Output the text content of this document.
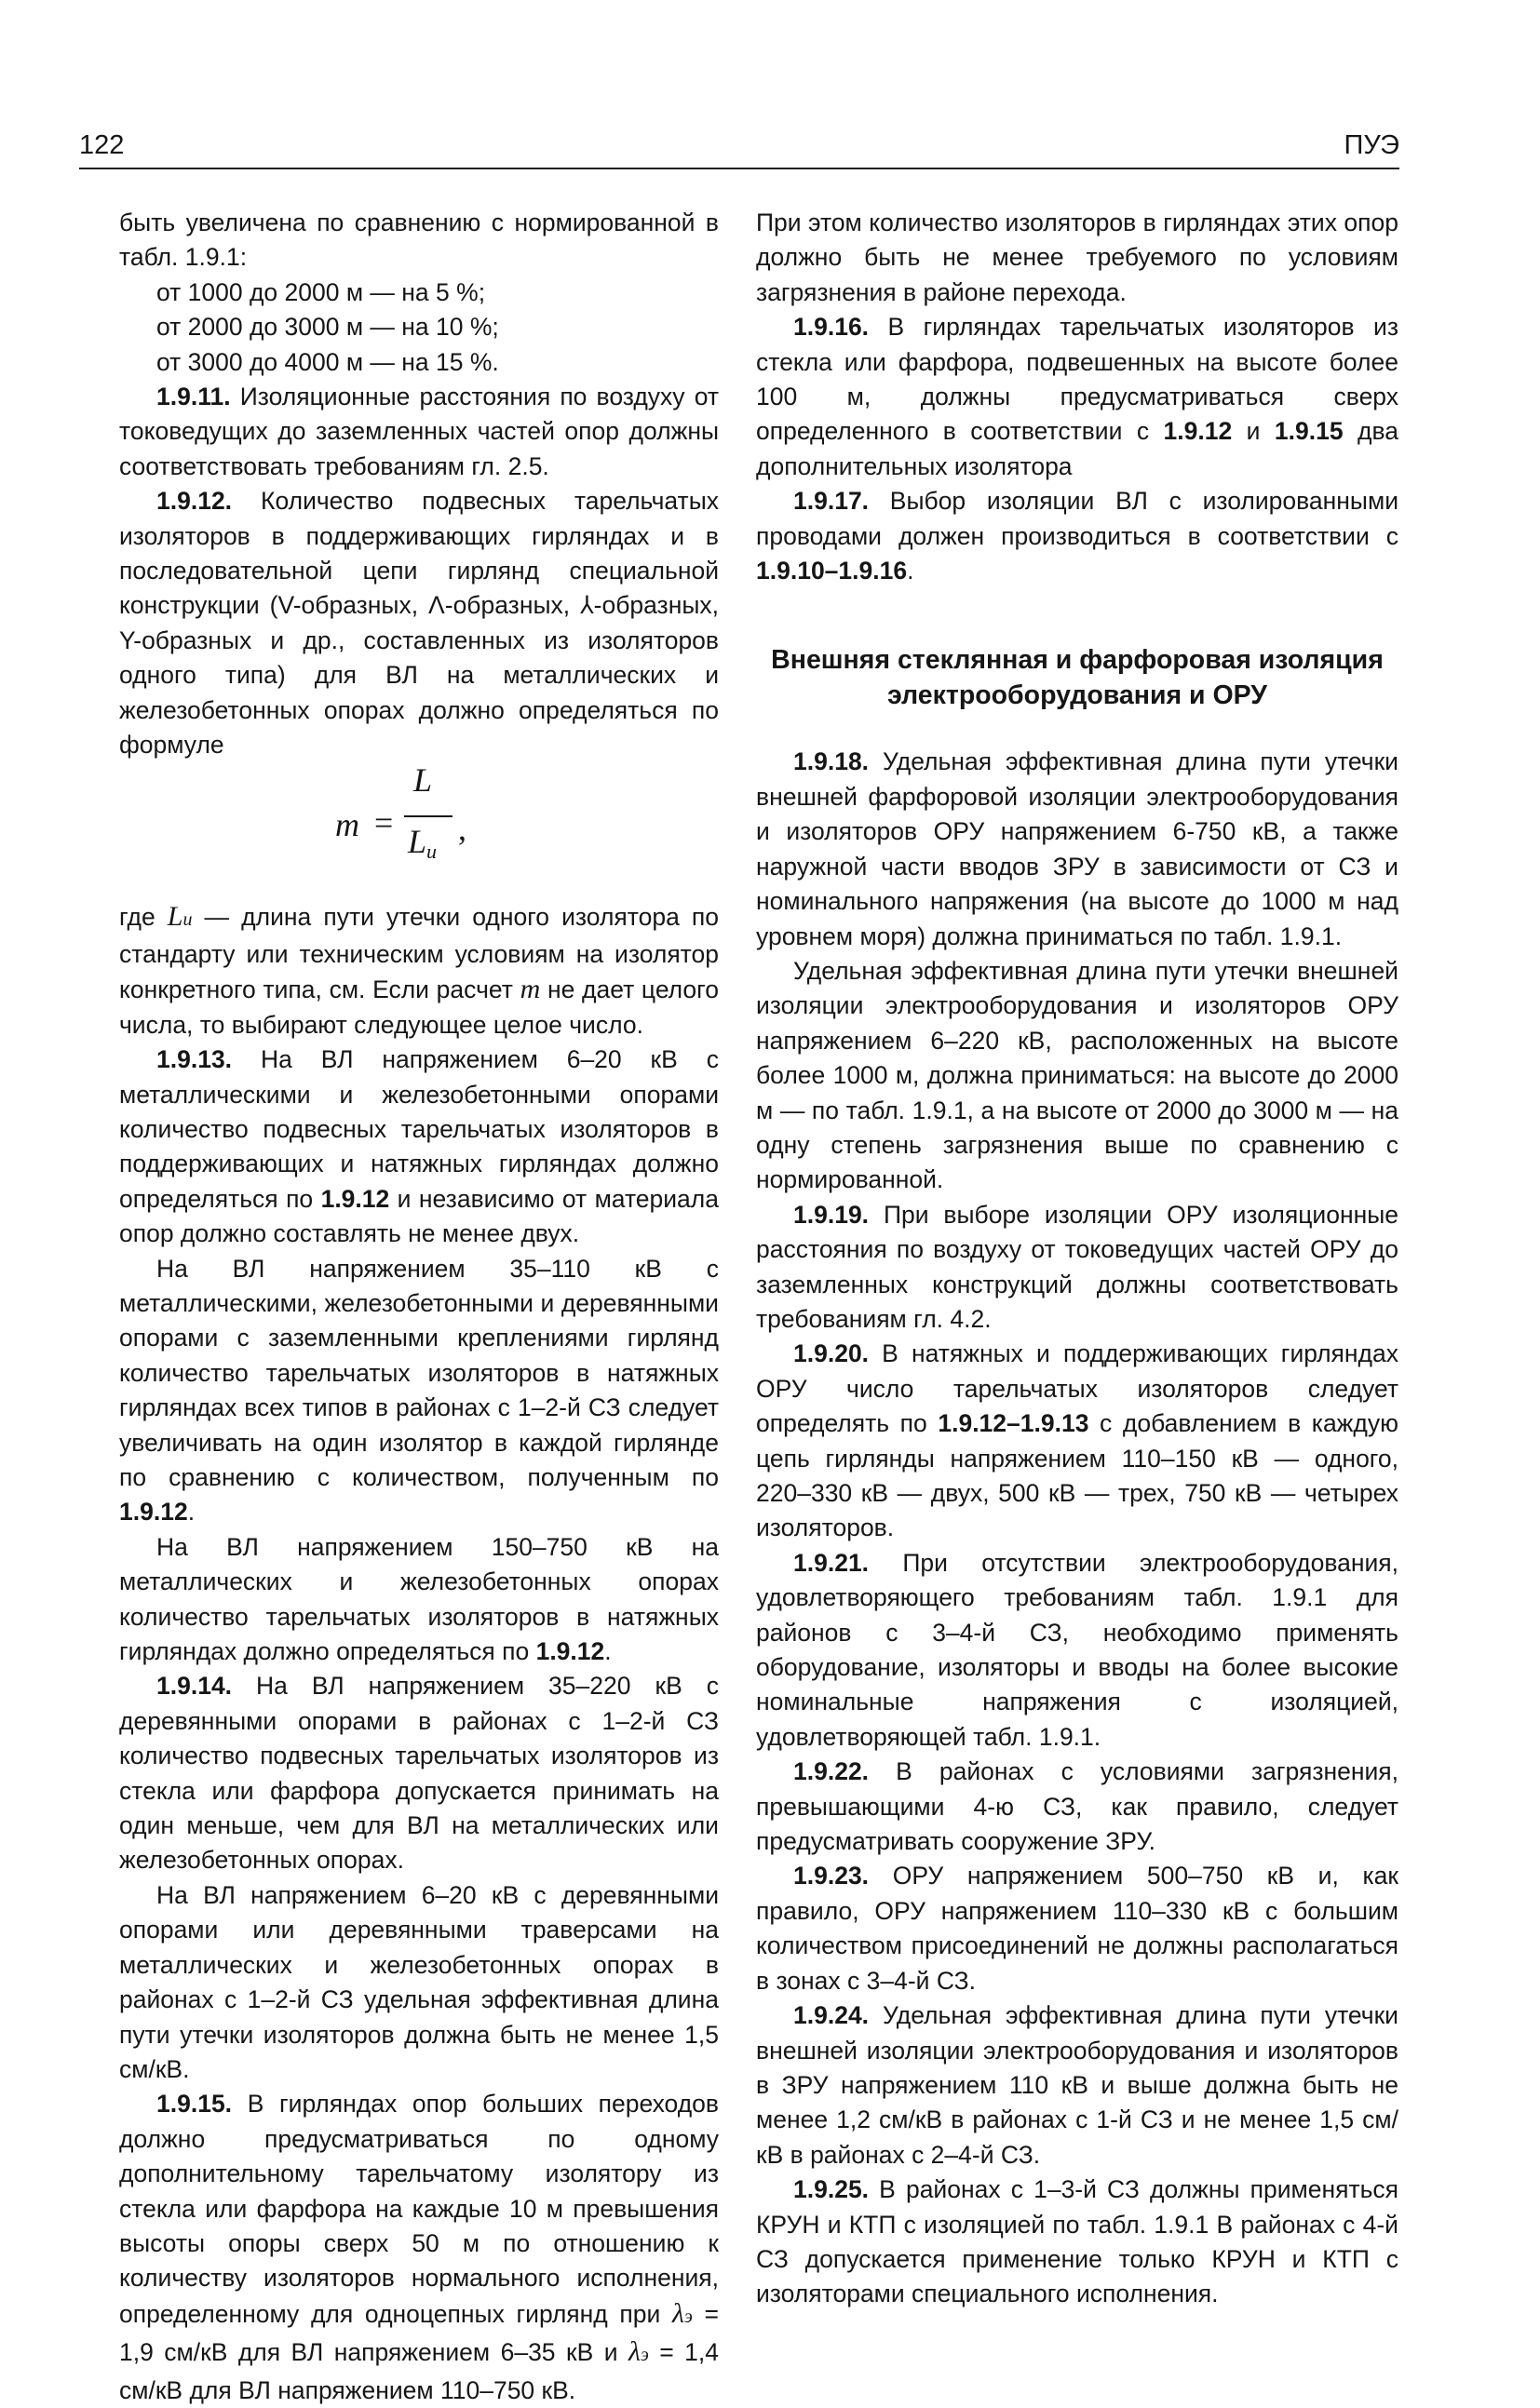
122	ПУЭ

быть увеличена по сравнению с нормированной в табл. 1.9.1:

от 1000 до 2000 м — на 5 %;

от 2000 до 3000 м — на 10 %;

от 3000 до 4000 м — на 15 %.

1.9.11. Изоляционные расстояния по воздуху от токоведущих до заземленных частей опор должны соответствовать требованиям гл. 2.5.

1.9.12. Количество подвесных тарельчатых изоляторов в поддерживающих гирляндах и в последовательной цепи гирлянд специальной конструкции (V-образных, Λ-образных, ⅄-образных, Y-образных и др., составленных из изоляторов одного типа) для ВЛ на металлических и железобетонных опорах должно определяться по формуле

m =
L
$L_и$
,

где Lи — длина пути утечки одного изолятора по стандарту или техническим условиям на изолятор конкретного типа, см. Если расчет m не дает целого числа, то выбирают следующее целое число.

1.9.13. На ВЛ напряжением 6–20 кВ с металлическими и железобетонными опорами количество подвесных тарельчатых изоляторов в поддерживающих и натяжных гирляндах должно определяться по 1.9.12 и независимо от материала опор должно составлять не менее двух.

На ВЛ напряжением 35–110 кВ с металлическими, железобетонными и деревянными опорами с заземленными креплениями гирлянд количество тарельчатых изоляторов в натяжных гирляндах всех типов в районах с 1–2-й СЗ следует увеличивать на один изолятор в каждой гирлянде по сравнению с количеством, полученным по 1.9.12.

На ВЛ напряжением 150–750 кВ на металлических и железобетонных опорах количество тарельчатых изоляторов в натяжных гирляндах должно определяться по 1.9.12.

1.9.14. На ВЛ напряжением 35–220 кВ с деревянными опорами в районах с 1–2-й СЗ количество подвесных тарельчатых изоляторов из стекла или фарфора допускается принимать на один меньше, чем для ВЛ на металлических или железобетонных опорах.

На ВЛ напряжением 6–20 кВ с деревянными опорами или деревянными траверсами на металлических и железобетонных опорах в районах с 1–2-й СЗ удельная эффективная длина пути утечки изоляторов должна быть не менее 1,5 см/кВ.

1.9.15. В гирляндах опор больших переходов должно предусматриваться по одному дополнительному тарельчатому изолятору из стекла или фарфора на каждые 10 м превышения высоты опоры сверх 50 м по отношению к количеству изоляторов нормального исполнения, определенному для одноцепных гирлянд при λэ = 1,9 см/кВ для ВЛ напряжением 6–35 кВ и λэ = 1,4 см/кВ для ВЛ напряжением 110–750 кВ.

При этом количество изоляторов в гирляндах этих опор должно быть не менее требуемого по условиям загрязнения в районе перехода.

1.9.16. В гирляндах тарельчатых изоляторов из стекла или фарфора, подвешенных на высоте более 100 м, должны предусматриваться сверх определенного в соответствии с 1.9.12 и 1.9.15 два дополнительных изолятора

1.9.17. Выбор изоляции ВЛ с изолированными проводами должен производиться в соответствии с 1.9.10–1.9.16.

Внешняя стеклянная и фарфоровая изоляция электрооборудования и ОРУ

1.9.18. Удельная эффективная длина пути утечки внешней фарфоровой изоляции электрооборудования и изоляторов ОРУ напряжением 6-750 кВ, а также наружной части вводов ЗРУ в зависимости от СЗ и номинального напряжения (на высоте до 1000 м над уровнем моря) должна приниматься по табл. 1.9.1.

Удельная эффективная длина пути утечки внешней изоляции электрооборудования и изоляторов ОРУ напряжением 6–220 кВ, расположенных на высоте более 1000 м, должна приниматься: на высоте до 2000 м — по табл. 1.9.1, а на высоте от 2000 до 3000 м — на одну степень загрязнения выше по сравнению с нормированной.

1.9.19. При выборе изоляции ОРУ изоляционные расстояния по воздуху от токоведущих частей ОРУ до заземленных конструкций должны соответствовать требованиям гл. 4.2.

1.9.20. В натяжных и поддерживающих гирляндах ОРУ число тарельчатых изоляторов следует определять по 1.9.12–1.9.13 с добавлением в каждую цепь гирлянды напряжением 110–150 кВ — одного, 220–330 кВ — двух, 500 кВ — трех, 750 кВ — четырех изоляторов.

1.9.21. При отсутствии электрооборудования, удовлетворяющего требованиям табл. 1.9.1 для районов с 3–4-й СЗ, необходимо применять оборудование, изоляторы и вводы на более высокие номинальные напряжения с изоляцией, удовлетворяющей табл. 1.9.1.

1.9.22. В районах с условиями загрязнения, превышающими 4-ю СЗ, как правило, следует предусматривать сооружение ЗРУ.

1.9.23. ОРУ напряжением 500–750 кВ и, как правило, ОРУ напряжением 110–330 кВ с большим количеством присоединений не должны располагаться в зонах с 3–4-й СЗ.

1.9.24. Удельная эффективная длина пути утечки внешней изоляции электрооборудования и изоляторов в ЗРУ напряжением 110 кВ и выше должна быть не менее 1,2 см/кВ в районах с 1-й СЗ и не менее 1,5 см/кВ в районах с 2–4-й СЗ.

1.9.25. В районах с 1–3-й СЗ должны применяться КРУН и КТП с изоляцией по табл. 1.9.1 В районах с 4-й СЗ допускается применение только КРУН и КТП с изоляторами специального исполнения.
